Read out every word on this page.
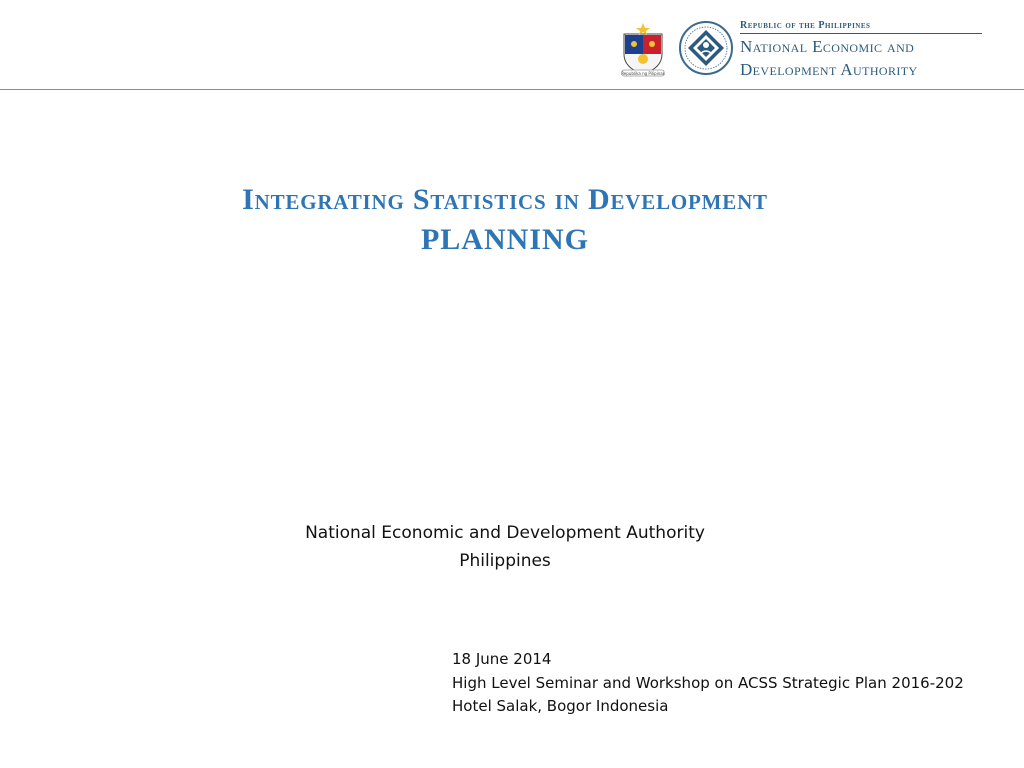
Republika ng Pilipinas
Republic of the Philippines
National Economic and
Development Authority
Integrating Statistics in Development
PLANNING
National Economic and Development Authority
Philippines
18 June 2014
High Level Seminar and Workshop on ACSS Strategic Plan 2016-202
Hotel Salak, Bogor Indonesia
